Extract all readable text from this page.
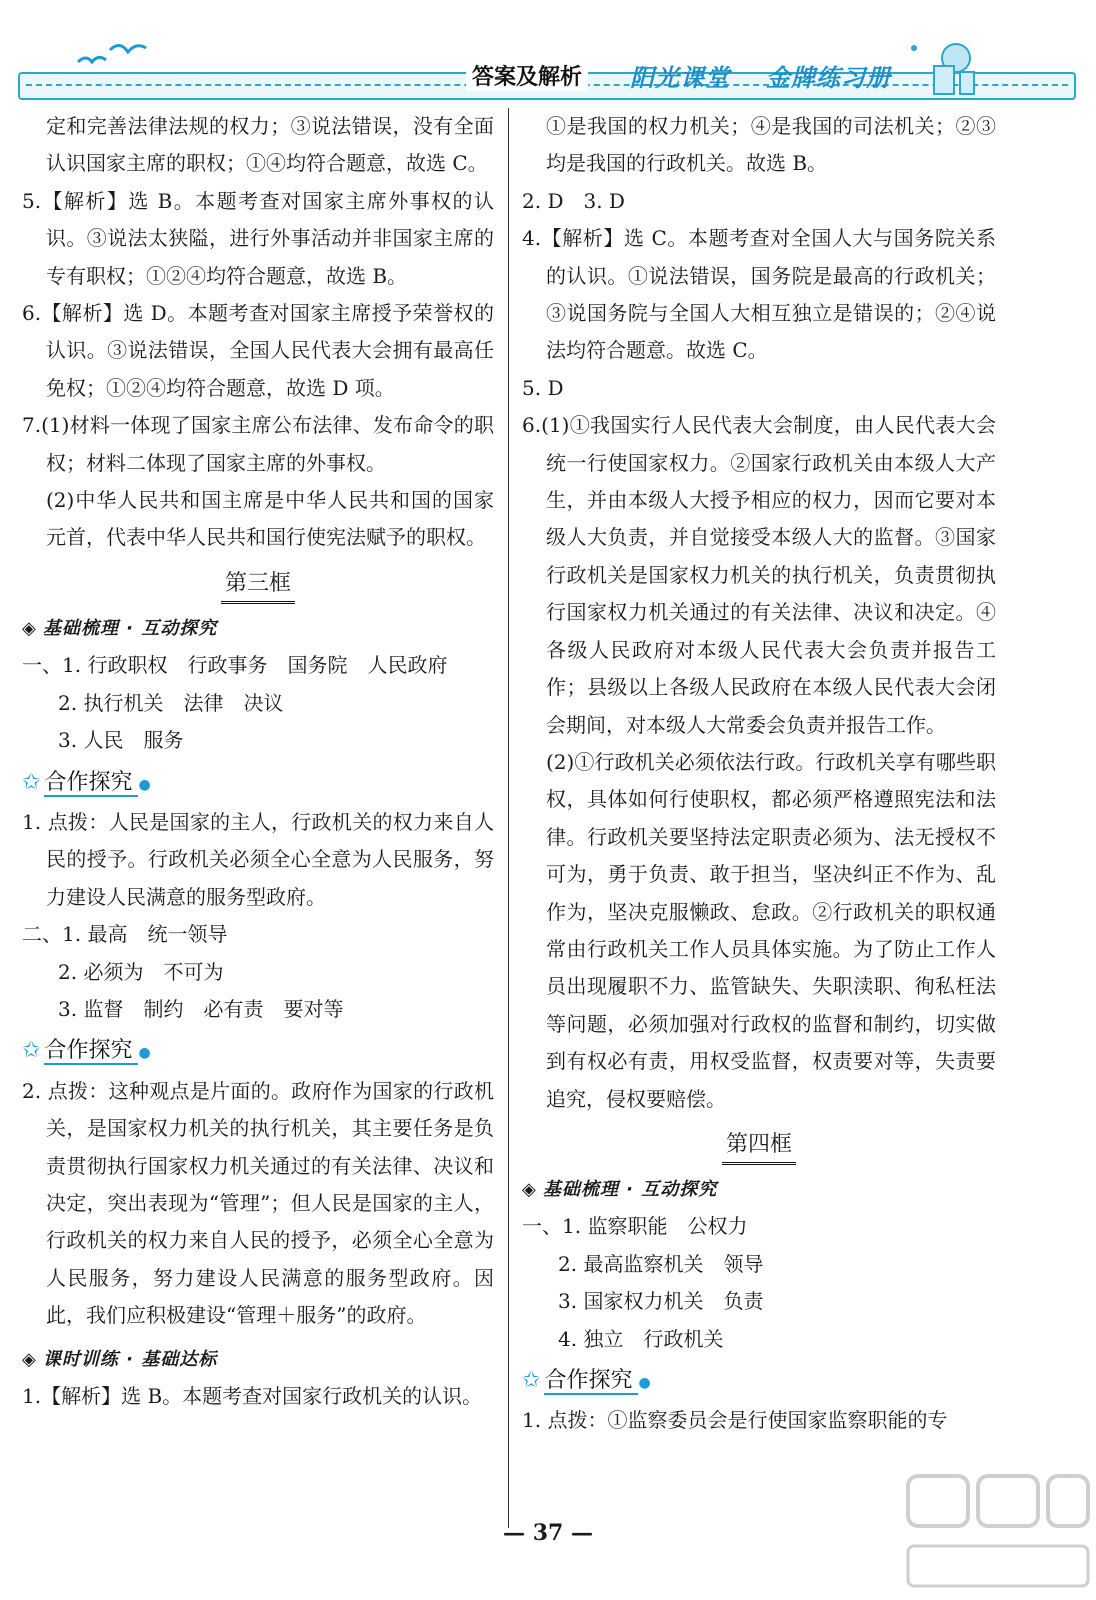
答案及解析 阳光课堂 金牌练习册

定和完善法律法规的权力；③说法错误，没有全面认识国家主席的职权；①④均符合题意，故选 C。

5.【解析】选 B。本题考查对国家主席外事权的认识。③说法太狭隘，进行外事活动并非国家主席的专有职权；①②④均符合题意，故选 B。

6.【解析】选 D。本题考查对国家主席授予荣誉权的认识。③说法错误，全国人民代表大会拥有最高任免权；①②④均符合题意，故选 D 项。

7.(1)材料一体现了国家主席公布法律、发布命令的职权；材料二体现了国家主席的外事权。

(2)中华人民共和国主席是中华人民共和国的国家元首，代表中华人民共和国行使宪法赋予的职权。

第三框
◈ 基础梳理 · 互动探究

一、1. 行政职权　行政事务　国务院　人民政府

2. 执行机关　法律　决议

3. 人民　服务

✩ 合作探究 ●

1. 点拨：人民是国家的主人，行政机关的权力来自人民的授予。行政机关必须全心全意为人民服务，努力建设人民满意的服务型政府。

二、1. 最高　统一领导

2. 必须为　不可为

3. 监督　制约　必有责　要对等

✩ 合作探究 ●

2. 点拨：这种观点是片面的。政府作为国家的行政机关，是国家权力机关的执行机关，其主要任务是负责贯彻执行国家权力机关通过的有关法律、决议和决定，突出表现为“管理”；但人民是国家的主人，行政机关的权力来自人民的授予，必须全心全意为人民服务，努力建设人民满意的服务型政府。因此，我们应积极建设“管理＋服务”的政府。

◈ 课时训练 · 基础达标

1.【解析】选 B。本题考查对国家行政机关的认识。

①是我国的权力机关；④是我国的司法机关；②③均是我国的行政机关。故选 B。

2. D　3. D

4.【解析】选 C。本题考查对全国人大与国务院关系的认识。①说法错误，国务院是最高的行政机关；③说国务院与全国人大相互独立是错误的；②④说法均符合题意。故选 C。

5. D

6.(1)①我国实行人民代表大会制度，由人民代表大会统一行使国家权力。②国家行政机关由本级人大产生，并由本级人大授予相应的权力，因而它要对本级人大负责，并自觉接受本级人大的监督。③国家行政机关是国家权力机关的执行机关，负责贯彻执行国家权力机关通过的有关法律、决议和决定。④各级人民政府对本级人民代表大会负责并报告工作；县级以上各级人民政府在本级人民代表大会闭会期间，对本级人大常委会负责并报告工作。

(2)①行政机关必须依法行政。行政机关享有哪些职权，具体如何行使职权，都必须严格遵照宪法和法律。行政机关要坚持法定职责必须为、法无授权不可为，勇于负责、敢于担当，坚决纠正不作为、乱作为，坚决克服懒政、怠政。②行政机关的职权通常由行政机关工作人员具体实施。为了防止工作人员出现履职不力、监管缺失、失职渎职、徇私枉法等问题，必须加强对行政权的监督和制约，切实做到有权必有责，用权受监督，权责要对等，失责要追究，侵权要赔偿。

第四框
◈ 基础梳理 · 互动探究

一、1. 监察职能　公权力

2. 最高监察机关　领导

3. 国家权力机关　负责

4. 独立　行政机关

✩ 合作探究 ●

1. 点拨：①监察委员会是行使国家监察职能的专

— 37 —
